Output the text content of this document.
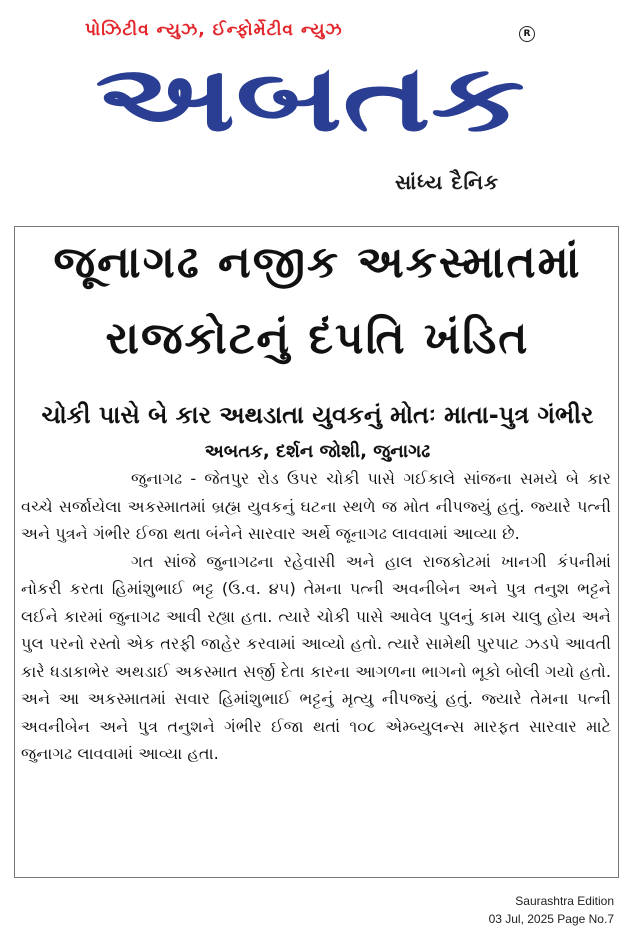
પોઝિટીવ ન્યુઝ, ઈન્ફોર્મેટીવ ન્યુઝ	R
અબતક
સાંધ્ય દૈનિક
જૂનાગઢ નજીક અકસ્માતમાં
રાજકોટનું દંપતિ ખંડિત
ચોકી પાસે બે કાર અથડાતા યુવકનું મોતઃ માતા-પુત્ર ગંભીર
અબતક, દર્શન જોશી, જુનાગઢ

જુનાગઢ - જેતપુર રોડ ઉપર ચોકી પાસે ગઈકાલે સાંજના સમયે બે કાર વચ્ચે સર્જાયેલા અકસ્માતમાં બ્રહ્મ યુવકનું ઘટના સ્થળે જ મોત નીપજ્યું હતું. જ્યારે પત્ની અને પુત્રને ગંભીર ઈજા થતા બંનેને સારવાર અર્થે જૂનાગઢ લાવવામાં આવ્યા છે.

ગત સાંજે જુનાગઢના રહેવાસી અને હાલ રાજકોટમાં ખાનગી કંપનીમાં નોકરી કરતા હિમાંશુભાઈ ભટ્ટ (ઉ.વ. ૪૫) તેમના પત્ની અવનીબેન અને પુત્ર તનુશ ભટ્ટને લઈને કારમાં જુનાગઢ આવી રહ્યા હતા. ત્યારે ચોકી પાસે આવેલ પુલનું કામ ચાલુ હોય અને પુલ પરનો રસ્તો એક તરફી જાહેર કરવામાં આવ્યો હતો. ત્યારે સામેથી પુરપાટ ઝડપે આવતી કારે ધડાકાભેર અથડાઈ અકસ્માત સર્જી દેતા કારના આગળના ભાગનો ભૂકો બોલી ગયો હતો. અને આ અકસ્માતમાં સવાર હિમાંશુભાઈ ભટ્ટનું મૃત્યુ નીપજ્યું હતું. જ્યારે તેમના પત્ની અવનીબેન અને પુત્ર તનુશને ગંભીર ઈજા થતાં ૧૦૮ એમ્બ્યુલન્સ મારફત સારવાર માટે જુનાગઢ લાવવામાં આવ્યા હતા.

Saurashtra Edition
03 Jul, 2025 Page No.7
